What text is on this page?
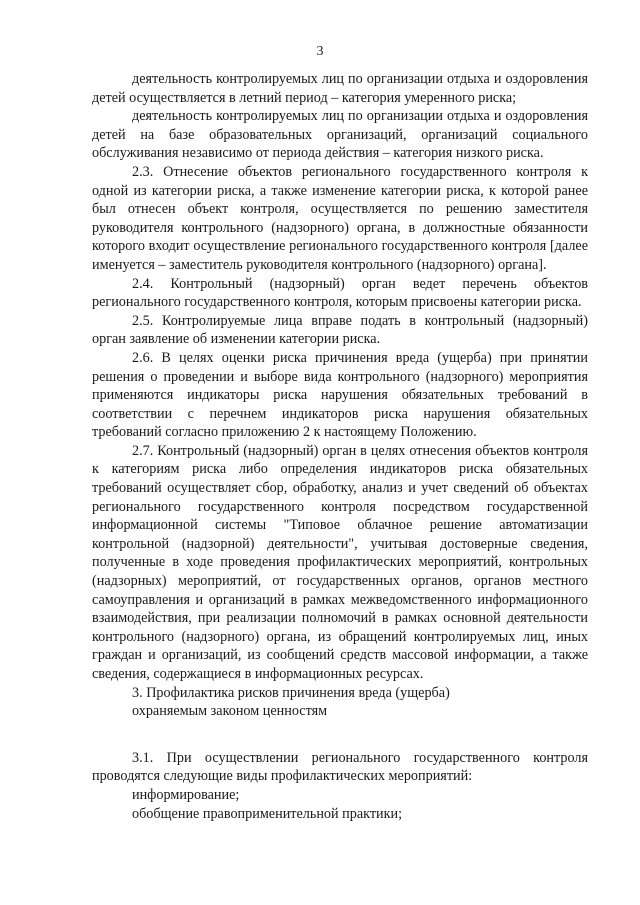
3

деятельность контролируемых лиц по организации отдыха и оздоровления детей осуществляется в летний период – категория умеренного риска;

деятельность контролируемых лиц по организации отдыха и оздоровления детей на базе образовательных организаций, организаций социального обслуживания независимо от периода действия – категория низкого риска.

2.3. Отнесение объектов регионального государственного контроля к одной из категории риска, а также изменение категории риска, к которой ранее был отнесен объект контроля, осуществляется по решению заместителя руководителя контрольного (надзорного) органа, в должностные обязанности которого входит осуществление регионального государственного контроля [далее именуется – заместитель руководителя контрольного (надзорного) органа].

2.4. Контрольный (надзорный) орган ведет перечень объектов регионального государственного контроля, которым присвоены категории риска.

2.5. Контролируемые лица вправе подать в контрольный (надзорный) орган заявление об изменении категории риска.

2.6. В целях оценки риска причинения вреда (ущерба) при принятии решения о проведении и выборе вида контрольного (надзорного) мероприятия применяются индикаторы риска нарушения обязательных требований в соответствии с перечнем индикаторов риска нарушения обязательных требований согласно приложению 2 к настоящему Положению.

2.7. Контрольный (надзорный) орган в целях отнесения объектов контроля к категориям риска либо определения индикаторов риска обязательных требований осуществляет сбор, обработку, анализ и учет сведений об объектах регионального государственного контроля посредством государственной информационной системы "Типовое облачное решение автоматизации контрольной (надзорной) деятельности", учитывая достоверные сведения, полученные в ходе проведения профилактических мероприятий, контрольных (надзорных) мероприятий, от государственных органов, органов местного самоуправления и организаций в рамках межведомственного информационного взаимодействия, при реализации полномочий в рамках основной деятельности контрольного (надзорного) органа, из обращений контролируемых лиц, иных граждан и организаций, из сообщений средств массовой информации, а также сведения, содержащиеся в информационных ресурсах.

3. Профилактика рисков причинения вреда (ущерба)
охраняемым законом ценностям

3.1. При осуществлении регионального государственного контроля проводятся следующие виды профилактических мероприятий:

информирование;

обобщение правоприменительной практики;
